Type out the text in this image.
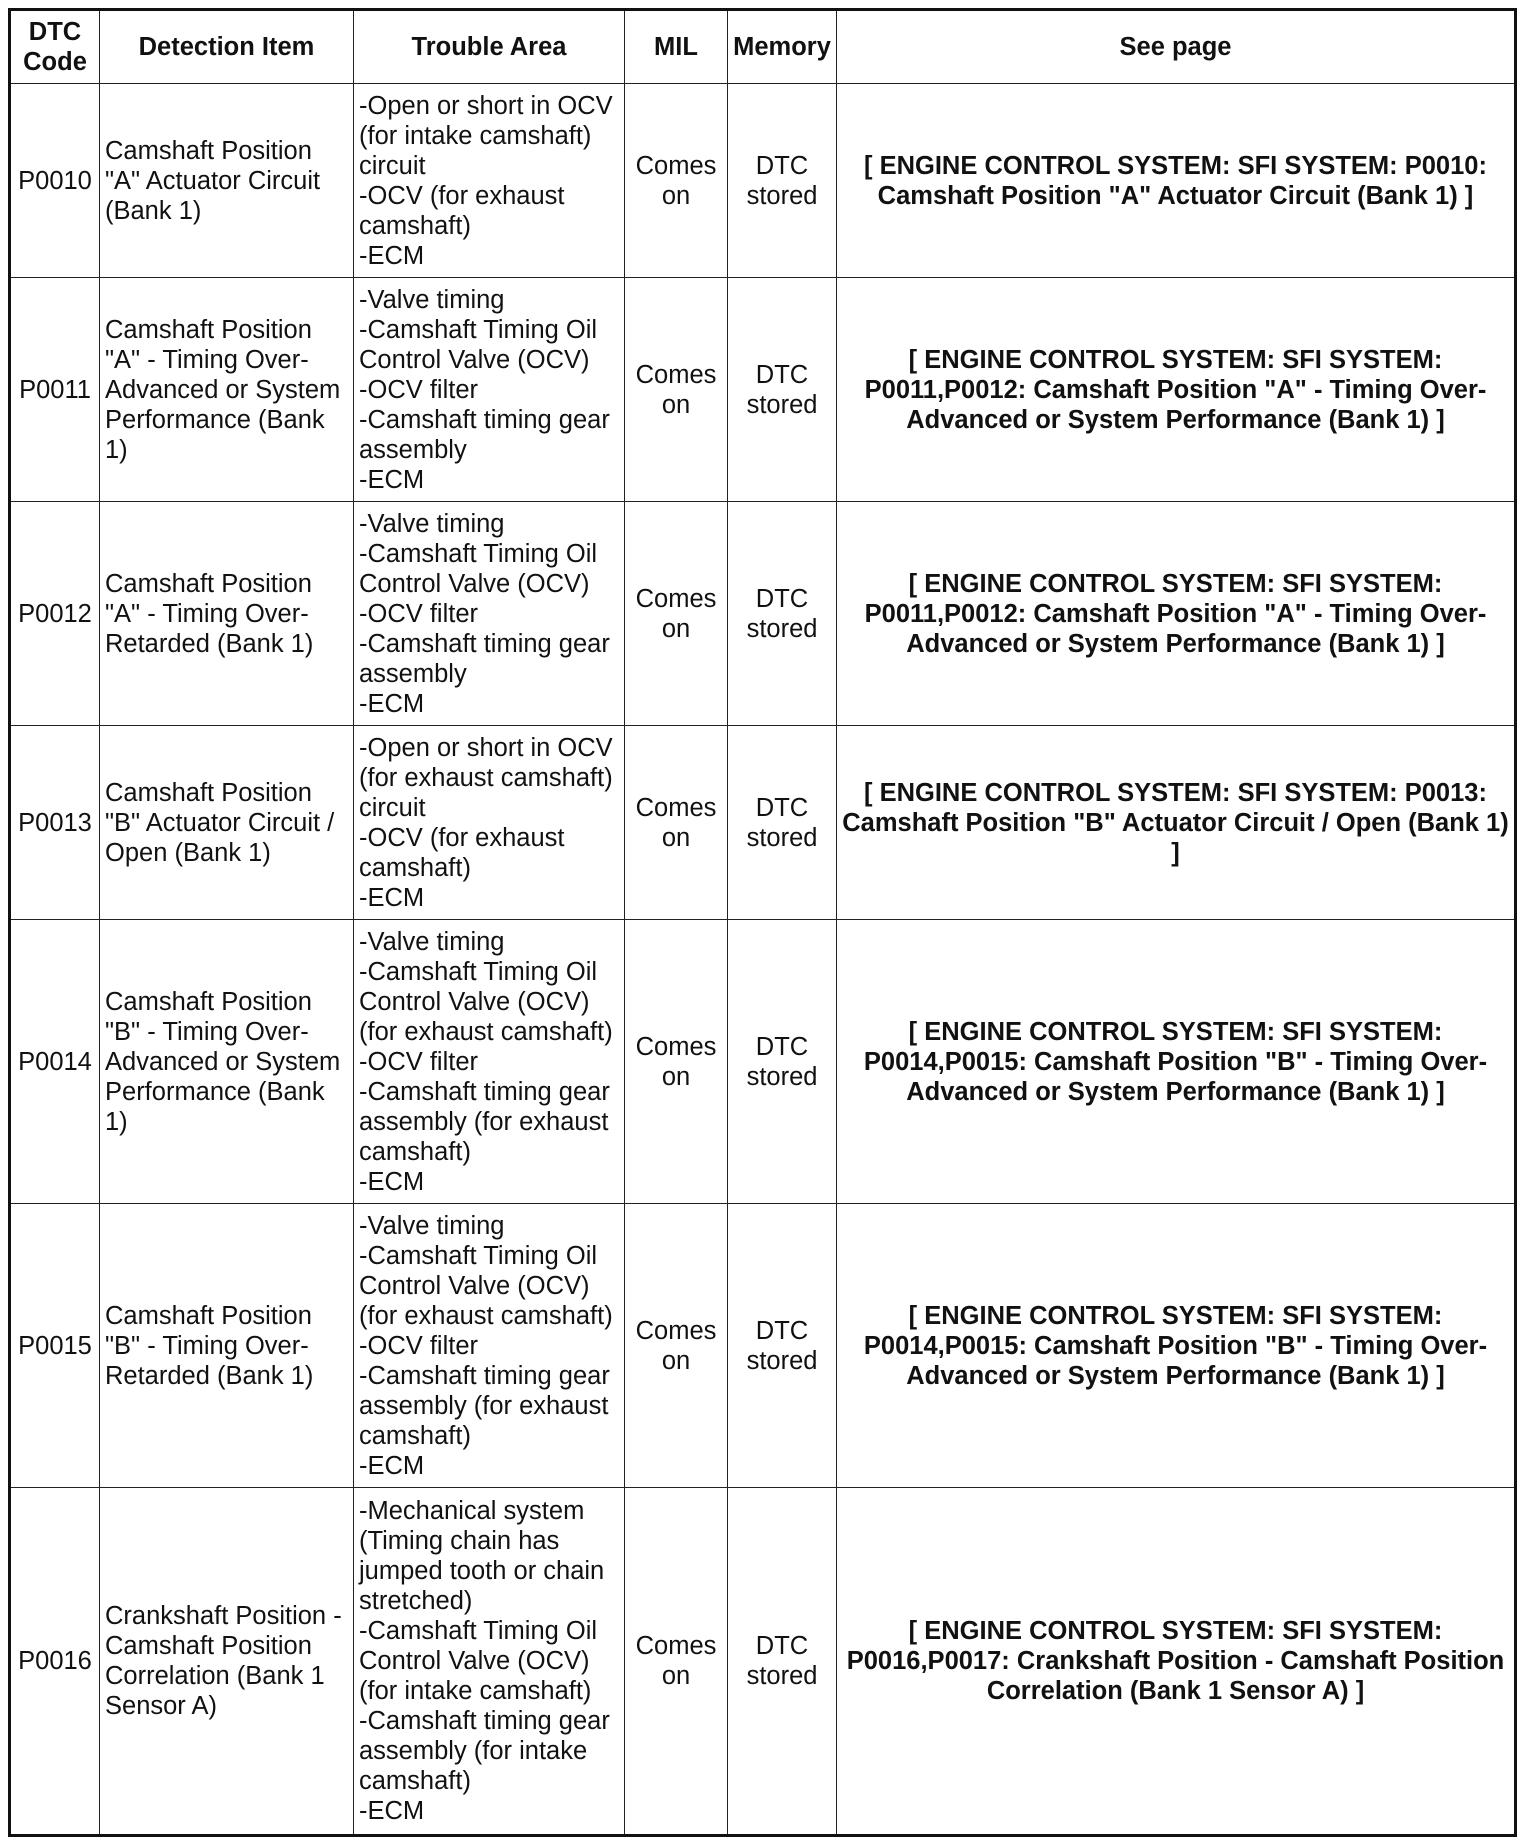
DTC Code	Detection Item	Trouble Area	MIL	Memory	See page
P0010	Camshaft Position "A" Actuator Circuit (Bank 1)	-Open or short in OCV (for intake camshaft) circuit
-OCV (for exhaust camshaft)
-ECM	Comes on	DTC stored	[ ENGINE CONTROL SYSTEM: SFI SYSTEM: P0010: Camshaft Position "A" Actuator Circuit (Bank 1) ]
P0011	Camshaft Position "A" - Timing Over-Advanced or System Performance (Bank 1)	-Valve timing
-Camshaft Timing Oil Control Valve (OCV)
-OCV filter
-Camshaft timing gear assembly
-ECM	Comes on	DTC stored	[ ENGINE CONTROL SYSTEM: SFI SYSTEM: P0011,P0012: Camshaft Position "A" - Timing Over-Advanced or System Performance (Bank 1) ]
P0012	Camshaft Position "A" - Timing Over-Retarded (Bank 1)	-Valve timing
-Camshaft Timing Oil Control Valve (OCV)
-OCV filter
-Camshaft timing gear assembly
-ECM	Comes on	DTC stored	[ ENGINE CONTROL SYSTEM: SFI SYSTEM: P0011,P0012: Camshaft Position "A" - Timing Over-Advanced or System Performance (Bank 1) ]
P0013	Camshaft Position "B" Actuator Circuit / Open (Bank 1)	-Open or short in OCV (for exhaust camshaft) circuit
-OCV (for exhaust camshaft)
-ECM	Comes on	DTC stored	[ ENGINE CONTROL SYSTEM: SFI SYSTEM: P0013: Camshaft Position "B" Actuator Circuit / Open (Bank 1) ]
P0014	Camshaft Position "B" - Timing Over-Advanced or System Performance (Bank 1)	-Valve timing
-Camshaft Timing Oil Control Valve (OCV) (for exhaust camshaft)
-OCV filter
-Camshaft timing gear assembly (for exhaust camshaft)
-ECM	Comes on	DTC stored	[ ENGINE CONTROL SYSTEM: SFI SYSTEM: P0014,P0015: Camshaft Position "B" - Timing Over-Advanced or System Performance (Bank 1) ]
P0015	Camshaft Position "B" - Timing Over-Retarded (Bank 1)	-Valve timing
-Camshaft Timing Oil Control Valve (OCV) (for exhaust camshaft)
-OCV filter
-Camshaft timing gear assembly (for exhaust camshaft)
-ECM	Comes on	DTC stored	[ ENGINE CONTROL SYSTEM: SFI SYSTEM: P0014,P0015: Camshaft Position "B" - Timing Over-Advanced or System Performance (Bank 1) ]
P0016	Crankshaft Position - Camshaft Position Correlation (Bank 1 Sensor A)	-Mechanical system (Timing chain has jumped tooth or chain stretched)
-Camshaft Timing Oil Control Valve (OCV) (for intake camshaft)
-Camshaft timing gear assembly (for intake camshaft)
-ECM	Comes on	DTC stored	[ ENGINE CONTROL SYSTEM: SFI SYSTEM: P0016,P0017: Crankshaft Position - Camshaft Position Correlation (Bank 1 Sensor A) ]
